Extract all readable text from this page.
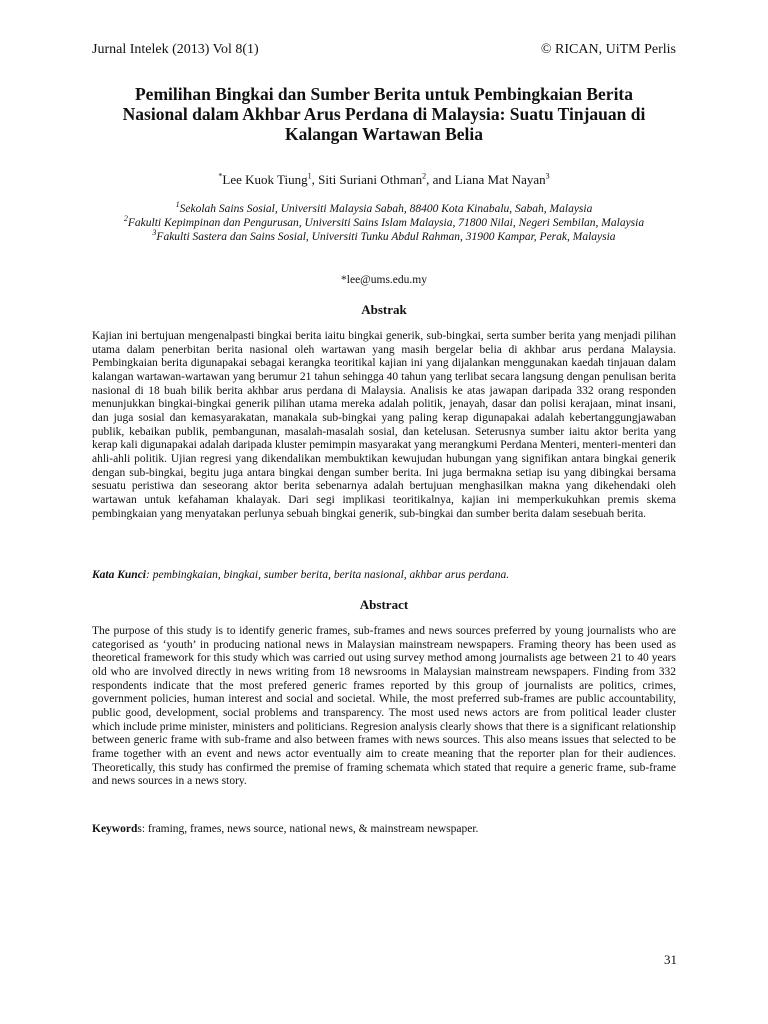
Jurnal Intelek (2013) Vol 8(1)	© RICAN, UiTM Perlis
Pemilihan Bingkai dan Sumber Berita untuk Pembingkaian Berita Nasional dalam Akhbar Arus Perdana di Malaysia: Suatu Tinjauan di Kalangan Wartawan Belia
*Lee Kuok Tiung$^1$, Siti Suriani Othman$^2$, and Liana Mat Nayan$^3$
$^1$Sekolah Sains Sosial, Universiti Malaysia Sabah, 88400 Kota Kinabalu, Sabah, Malaysia
$^2$Fakulti Kepimpinan dan Pengurusan, Universiti Sains Islam Malaysia, 71800 Nilai, Negeri Sembilan, Malaysia
$^3$Fakulti Sastera dan Sains Sosial, Universiti Tunku Abdul Rahman, 31900 Kampar, Perak, Malaysia
*lee@ums.edu.my
Abstrak

Kajian ini bertujuan mengenalpasti bingkai berita iaitu bingkai generik, sub-bingkai, serta sumber berita yang menjadi pilihan utama dalam penerbitan berita nasional oleh wartawan yang masih bergelar belia di akhbar arus perdana Malaysia. Pembingkaian berita digunapakai sebagai kerangka teoritikal kajian ini yang dijalankan menggunakan kaedah tinjauan dalam kalangan wartawan-wartawan yang berumur 21 tahun sehingga 40 tahun yang terlibat secara langsung dengan penulisan berita nasional di 18 buah bilik berita akhbar arus perdana di Malaysia. Analisis ke atas jawapan daripada 332 orang responden menunjukkan bingkai-bingkai generik pilihan utama mereka adalah politik, jenayah, dasar dan polisi kerajaan, minat insani, dan juga sosial dan kemasyarakatan, manakala sub-bingkai yang paling kerap digunapakai adalah kebertanggungjawaban publik, kebaikan publik, pembangunan, masalah-masalah sosial, dan ketelusan. Seterusnya sumber iaitu aktor berita yang kerap kali digunapakai adalah daripada kluster pemimpin masyarakat yang merangkumi Perdana Menteri, menteri-menteri dan ahli-ahli politik. Ujian regresi yang dikendalikan membuktikan kewujudan hubungan yang signifikan antara bingkai generik dengan sub-bingkai, begitu juga antara bingkai dengan sumber berita. Ini juga bermakna setiap isu yang dibingkai bersama sesuatu peristiwa dan seseorang aktor berita sebenarnya adalah bertujuan menghasilkan makna yang dikehendaki oleh wartawan untuk kefahaman khalayak. Dari segi implikasi teoritikalnya, kajian ini memperkukuhkan premis skema pembingkaian yang menyatakan perlunya sebuah bingkai generik, sub-bingkai dan sumber berita dalam sesebuah berita.

Kata Kunci: pembingkaian, bingkai, sumber berita, berita nasional, akhbar arus perdana.
Abstract

The purpose of this study is to identify generic frames, sub-frames and news sources preferred by young journalists who are categorised as ‘youth’ in producing national news in Malaysian mainstream newspapers. Framing theory has been used as theoretical framework for this study which was carried out using survey method among journalists age between 21 to 40 years old who are involved directly in news writing from 18 newsrooms in Malaysian mainstream newspapers. Finding from 332 respondents indicate that the most prefered generic frames reported by this group of journalists are politics, crimes, government policies, human interest and social and societal. While, the most preferred sub-frames are public accountability, public good, development, social problems and transparency. The most used news actors are from political leader cluster which include prime minister, ministers and politicians. Regresion analysis clearly shows that there is a significant relationship between generic frame with sub-frame and also between frames with news sources. This also means issues that selected to be frame together with an event and news actor eventually aim to create meaning that the reporter plan for their audiences. Theoretically, this study has confirmed the premise of framing schemata which stated that require a generic frame, sub-frame and news sources in a news story.

Keywords: framing, frames, news source, national news, & mainstream newspaper.
31
